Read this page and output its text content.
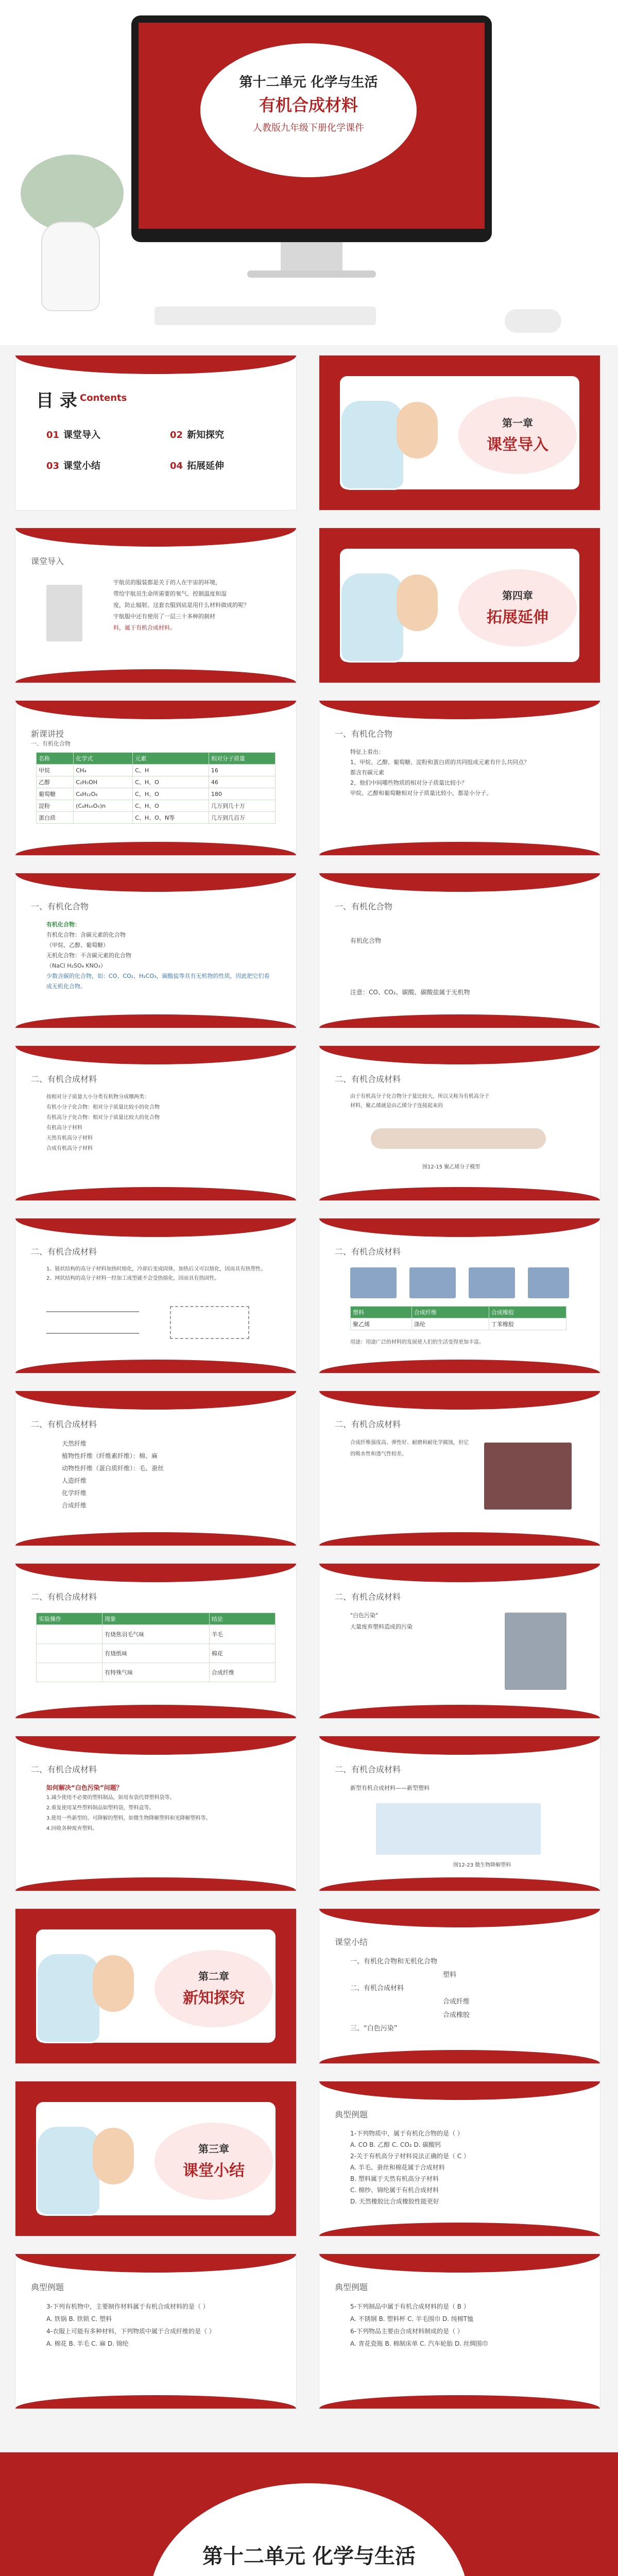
第十二单元 化学与生活
有机合成材料
人教版九年级下册化学课件
目 录 Contents
01 课堂导入	02 新知探究
03 课堂小结	04 拓展延伸
第一章
课堂导入
课堂导入
宇航员的服装都是关于的人在宇宙的环境，
带给宇航员生命所需要的氧气、控制温度和湿
度，防止辐射。这套衣服到底是用什么材料做成的呢？
宇航服中还有使用了一层三十多种的制材
料，属于有机合成材料。
第四章
拓展延伸
新课讲授
一、有机化合物
名称	化学式	元素	相对分子质量
甲烷	CH₄	C、H	16
乙醇	C₂H₅OH	C、H、O	46
葡萄糖	C₆H₁₂O₆	C、H、O	180
淀粉	(C₆H₁₀O₅)n	C、H、O	几万到几十万
蛋白质		C、H、O、N等	几万到几百万
一、有机化合物
特征上看出：
1、甲烷、乙醇、葡萄糖、淀粉和蛋白质的共同组成元素有什么共同点？
都含有碳元素
2、他们中间哪些物质的相对分子质量比较小？
甲烷、乙醇和葡萄糖相对分子质量比较小，都是小分子。
一、有机化合物
有机化合物：
有机化合物：含碳元素的化合物
（甲烷、乙醇、葡萄糖）
无机化合物：不含碳元素的化合物
（NaCl H₂SO₄ KNO₃）
少数含碳的化合物，如：CO、CO₂、H₂CO₃，碳酸盐等具有无机物的性质，因此把它们看成无机化合物。
一、有机化合物
有机化合物
注意：CO、CO₂、碳酸、碳酸盐属于无机物
二、有机合成材料
按相对分子质量大小分类有机物分成哪两类：
有机小分子化合物：相对分子质量比较小的化合物
有机高分子化合物：相对分子质量比较大的化合物
有机高分子材料
天然有机高分子材料
合成有机高分子材料
二、有机合成材料
由于有机高分子化合物分子量比较大，所以又称为有机高分子
材料，聚乙烯就是由乙烯分子连接起来的
图12-15 聚乙烯分子模型
二、有机合成材料
1、链状结构的高分子材料加热时熔化，冷却后变成固体，加热后又可以熔化，因而具有热塑性。
2、网状结构的高分子材料一经加工成型就不会受热熔化，因而具有热固性。
二、有机合成材料
塑料	合成纤维	合成橡胶
聚乙烯	涤纶	丁苯橡胶
用途：用途广泛的材料的发展使人们的生活变得更加丰富。
二、有机合成材料
天然纤维
植物性纤维（纤维素纤维）：棉、麻
动物性纤维（蛋白质纤维）：毛、蚕丝
人造纤维
化学纤维
合成纤维
二、有机合成材料
合成纤维强度高、弹性好、耐磨和耐化学腐蚀，但它的吸水性和透气性较差。
二、有机合成材料
实验操作	现象	结论
	有烧焦羽毛气味	羊毛
	有烧纸味	棉花
	有特殊气味	合成纤维
二、有机合成材料
"白色污染"
大量废弃塑料造成的污染
二、有机合成材料
如何解决“白色污染”问题？
1.减少使用不必要的塑料制品，如用布袋代替塑料袋等。
2.重复使用某些塑料制品如塑料袋，塑料盒等。
3.使用一些新型的、可降解的塑料，如微生物降解塑料和光降解塑料等。
4.回收各种废弃塑料。
二、有机合成材料
新型有机合成材料——新型塑料
图12-23 微生物降解塑料
第二章
新知探究
课堂小结
一、有机化合物和无机化合物
塑料
二、有机合成材料
合成纤维
合成橡胶
三、“白色污染”
第三章
课堂小结
典型例题
1-下列物质中，属于有机化合物的是（ ）
A. CO B. 乙醇 C. CO₂ D. 碳酸钙
2-关于有机高分子材料说法正确的是（ C ）
A. 羊毛、蚕丝和棉花属于合成材料
B. 塑料属于天然有机高分子材料
C. 棉纱、锦纶属于有机合成材料
D. 天然橡胶比合成橡胶性能更好
典型例题
3-下列有机物中，主要制作材料属于有机合成材料的是（ ）
A. 铁锅 B. 铁锁 C. 塑料
4-衣服上可能有多种材料，下列物质中属于合成纤维的是（ ）
A. 棉花 B. 羊毛 C. 麻 D. 锦纶
典型例题
5-下列制品中属于有机合成材料的是（ B ）
A. 不锈钢 B. 塑料杯 C. 羊毛围巾 D. 纯棉T恤
6-下列物品主要由合成材料制成的是（ ）
A. 青花瓷瓶 B. 棉制床单 C. 汽车轮胎 D. 丝绸围巾
第十二单元 化学与生活
